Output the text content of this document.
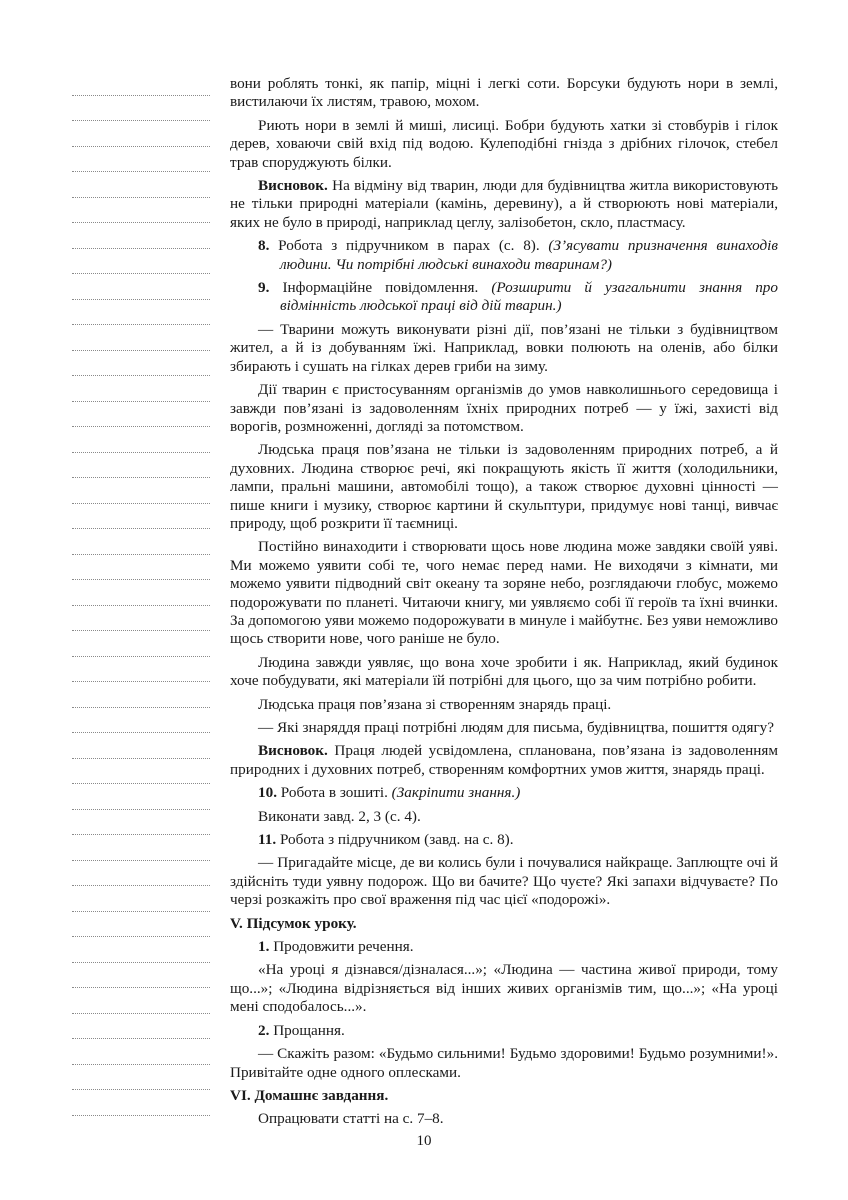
вони роблять тонкі, як папір, міцні і легкі соти. Борсуки будують нори в землі, вистилаючи їх листям, травою, мохом.

Риють нори в землі й миші, лисиці. Бобри будують хатки зі стовбурів і гілок дерев, ховаючи свій вхід під водою. Кулеподібні гнізда з дрібних гілочок, стебел трав споруджують білки.

Висновок. На відміну від тварин, люди для будівництва житла використовують не тільки природні матеріали (камінь, деревину), а й створюють нові матеріали, яких не було в природі, наприклад цеглу, залізобетон, скло, пластмасу.

8. Робота з підручником в парах (с. 8). (З’ясувати призначення винаходів людини. Чи потрібні людські винаходи тваринам?)

9. Інформаційне повідомлення. (Розширити й узагальнити знання про відмінність людської праці від дій тварин.)

— Тварини можуть виконувати різні дії, пов’язані не тільки з будівництвом жител, а й із добуванням їжі. Наприклад, вовки полюють на оленів, або білки збирають і сушать на гілках дерев гриби на зиму.

Дії тварин є пристосуванням організмів до умов навколишнього середовища і завжди пов’язані із задоволенням їхніх природних потреб — у їжі, захисті від ворогів, розмноженні, догляді за потомством.

Людська праця пов’язана не тільки із задоволенням природних потреб, а й духовних. Людина створює речі, які покращують якість її життя (холодильники, лампи, пральні машини, автомобілі тощо), а також створює духовні цінності — пише книги і музику, створює картини й скульптури, придумує нові танці, вивчає природу, щоб розкрити її таємниці.

Постійно винаходити і створювати щось нове людина може завдяки своїй уяві. Ми можемо уявити собі те, чого немає перед нами. Не виходячи з кімнати, ми можемо уявити підводний світ океану та зоряне небо, розглядаючи глобус, можемо подорожувати по планеті. Читаючи книгу, ми уявляємо собі її героїв та їхні вчинки. За допомогою уяви можемо подорожувати в минуле і майбутнє. Без уяви неможливо щось створити нове, чого раніше не було.

Людина завжди уявляє, що вона хоче зробити і як. Наприклад, який будинок хоче побудувати, які матеріали їй потрібні для цього, що за чим потрібно робити.

Людська праця пов’язана зі створенням знарядь праці.

— Які знаряддя праці потрібні людям для письма, будівництва, пошиття одягу?

Висновок. Праця людей усвідомлена, спланована, пов’язана із задоволенням природних і духовних потреб, створенням комфортних умов життя, знарядь праці.

10. Робота в зошиті. (Закріпити знання.)

Виконати завд. 2, 3 (с. 4).

11. Робота з підручником (завд. на с. 8).

— Пригадайте місце, де ви колись були і почувалися найкраще. Заплющте очі й здійсніть туди уявну подорож. Що ви бачите? Що чуєте? Які запахи відчуваєте? По черзі розкажіть про свої враження під час цієї «подорожі».

V. Підсумок уроку.

1. Продовжити речення.

«На уроці я дізнався/дізналася...»; «Людина — частина живої природи, тому що...»; «Людина відрізняється від інших живих організмів тим, що...»; «На уроці мені сподобалось...».

2. Прощання.

— Скажіть разом: «Будьмо сильними! Будьмо здоровими! Будьмо розумними!». Привітайте одне одного оплесками.

VI. Домашнє завдання.

Опрацювати статті на с. 7–8.

10
